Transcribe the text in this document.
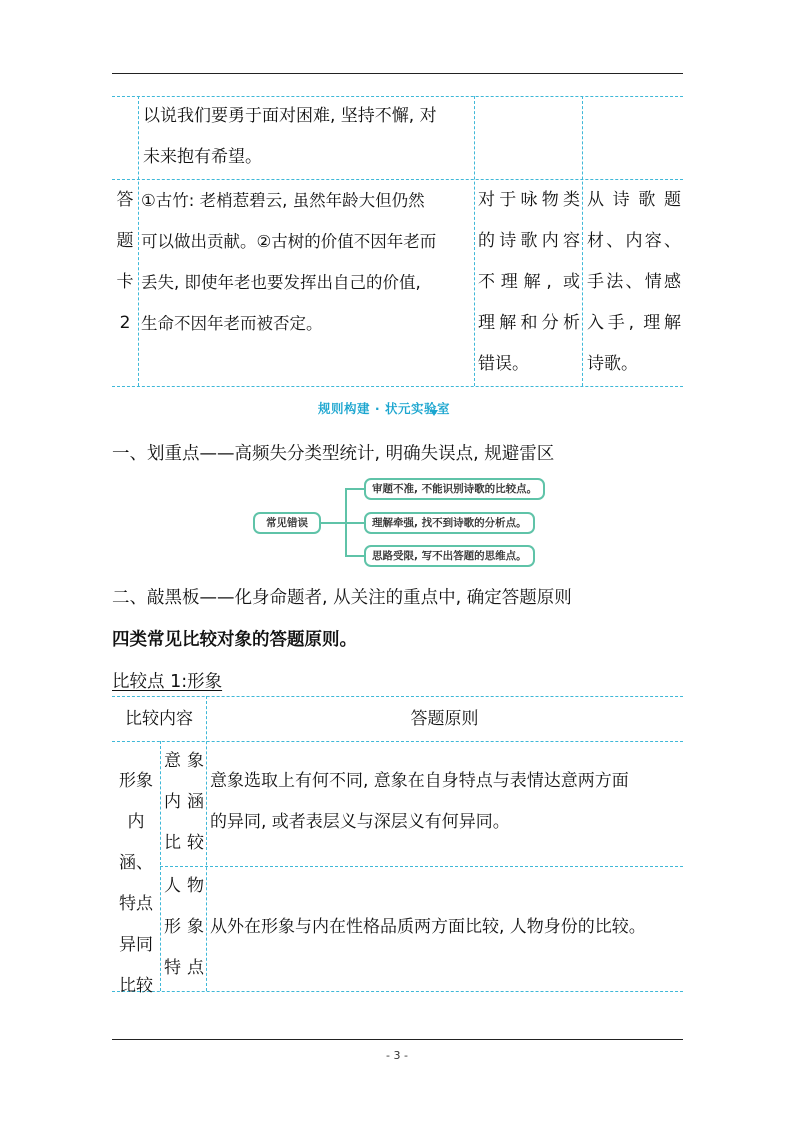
以说我们要勇于面对困难, 坚持不懈, 对
未来抱有希望。
答
题
卡
2
①古竹: 老梢惹碧云, 虽然年龄大但仍然
可以做出贡献。②古树的价值不因年老而
丢失, 即使年老也要发挥出自己的价值,
生命不因年老而被否定。
对于咏物类
的诗歌内容
不理解, 或
理解和分析
错误。
从诗歌题
材、内容、
手法、情感
入手, 理解
诗歌。
规则构建 · 状元实验室
一、划重点——高频失分类型统计, 明确失误点, 规避雷区
常见错误
审题不准, 不能识别诗歌的比较点。
理解牵强, 找不到诗歌的分析点。
思路受限, 写不出答题的思维点。
二、敲黑板——化身命题者, 从关注的重点中, 确定答题原则
四类常见比较对象的答题原则。
比较点 1:形象
比较内容	答题原则
形象
内涵、
特点
异同
比较
意象
内涵
比较
意象选取上有何不同, 意象在自身特点与表情达意两方面
的异同, 或者表层义与深层义有何异同。
人物
形象
特点
从外在形象与内在性格品质两方面比较, 人物身份的比较。
- 3 -
